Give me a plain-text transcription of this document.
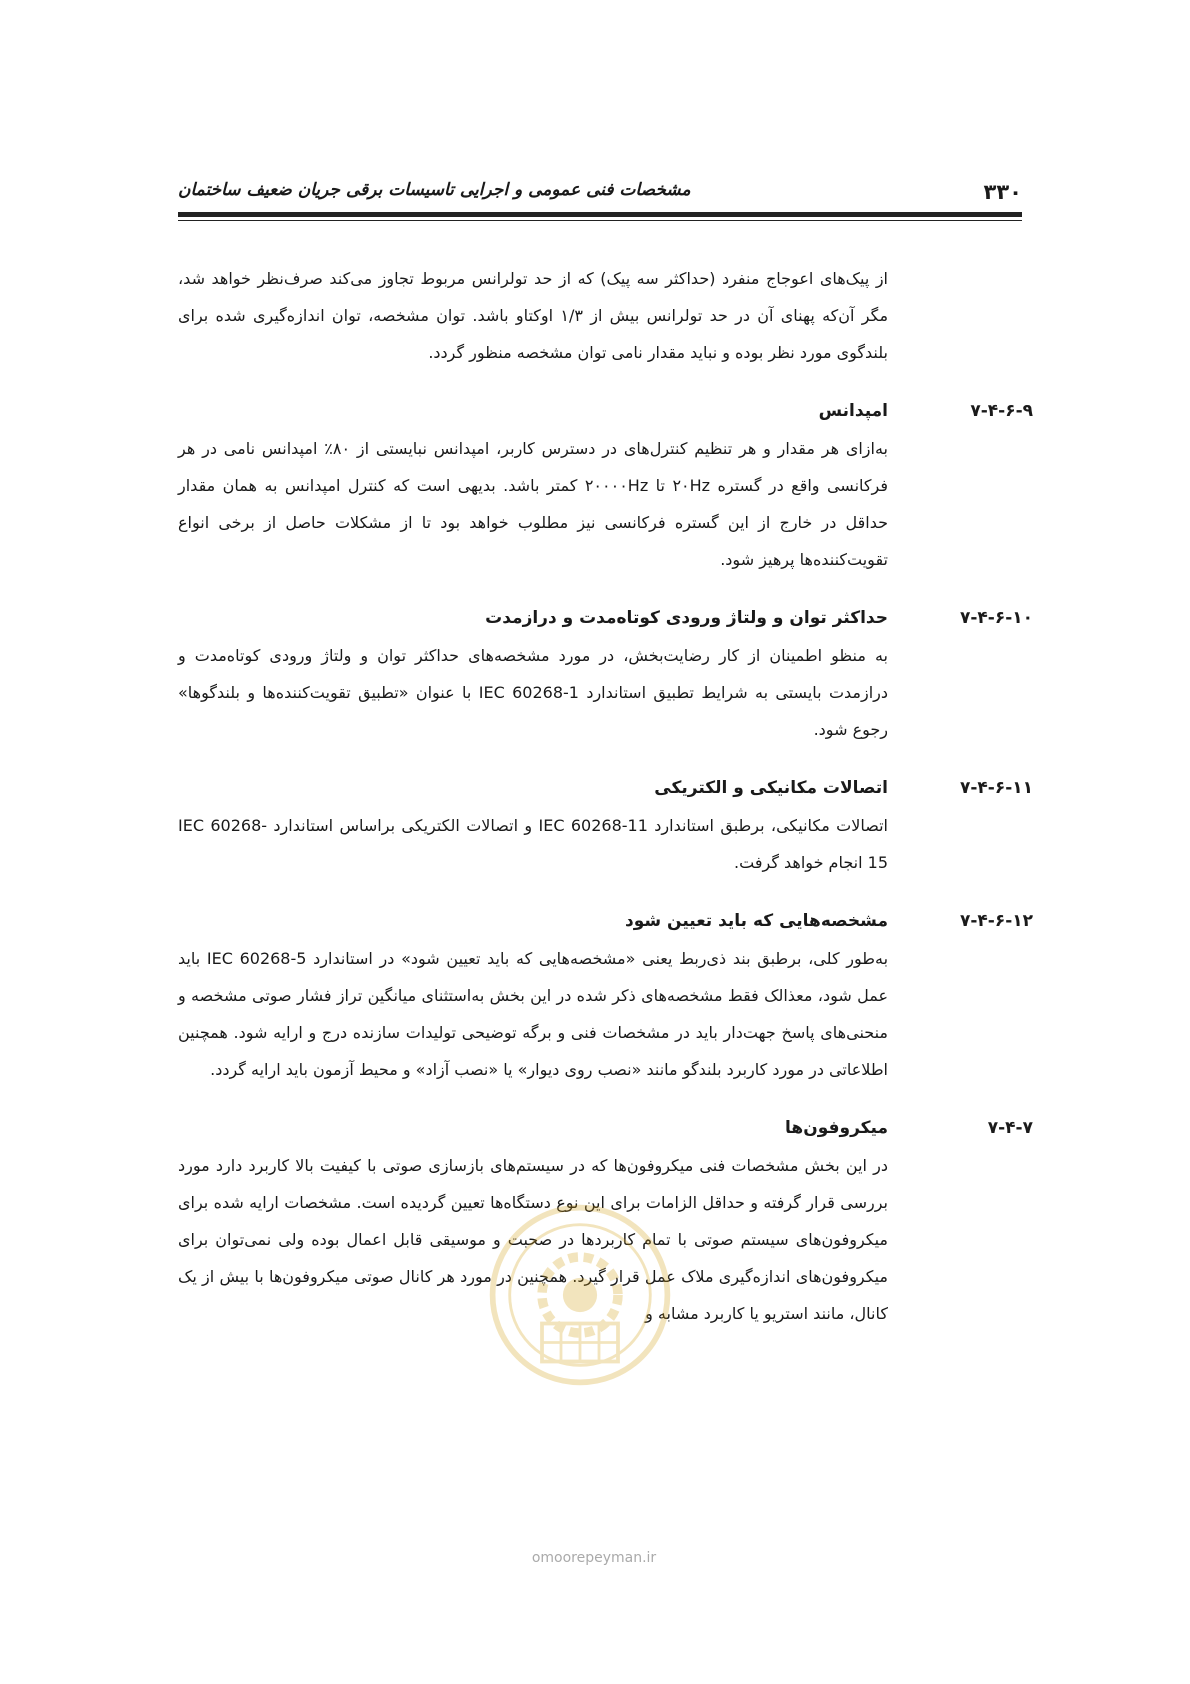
۳۳۰
مشخصات فنی عمومی و اجرایی تاسیسات برقی جریان ضعیف ساختمان

از پیک‌های اعوجاج منفرد (حداکثر سه پیک) که از حد تولرانس مربوط تجاوز می‌کند صرف‌نظر خواهد شد، مگر آن‌که پهنای آن در حد تولرانس بیش از ۱/۳ اوکتاو باشد. توان مشخصه، توان اندازه‌گیری شده برای بلندگوی مورد نظر بوده و نباید مقدار نامی توان مشخصه منظور گردد.

۷-۴-۶-۹
امپدانس

به‌ازای هر مقدار و هر تنظیم کنترل‌های در دسترس کاربر، امپدانس نبایستی از ۸۰٪ امپدانس نامی در هر فرکانسی واقع در گستره ۲۰Hz تا ۲۰۰۰۰Hz کمتر باشد. بدیهی است که کنترل امپدانس به همان مقدار حداقل در خارج از این گستره فرکانسی نیز مطلوب خواهد بود تا از مشکلات حاصل از برخی انواع تقویت‌کننده‌ها پرهیز شود.

۷-۴-۶-۱۰
حداکثر توان و ولتاژ ورودی کوتاه‌مدت و درازمدت

به منظو اطمینان از کار رضایت‌بخش، در مورد مشخصه‌های حداکثر توان و ولتاژ ورودی کوتاه‌مدت و درازمدت بایستی به شرایط تطبیق استاندارد IEC 60268-1 با عنوان «تطبیق تقویت‌کننده‌ها و بلندگوها» رجوع شود.

۷-۴-۶-۱۱
اتصالات مکانیکی و الکتریکی

اتصالات مکانیکی، برطبق استاندارد IEC 60268-11 و اتصالات الکتریکی براساس استاندارد IEC 60268-15 انجام خواهد گرفت.

۷-۴-۶-۱۲
مشخصه‌هایی که باید تعیین شود

به‌طور کلی، برطبق بند ذی‌ربط یعنی «مشخصه‌هایی که باید تعیین شود» در استاندارد IEC 60268-5 باید عمل شود، معذالک فقط مشخصه‌های ذکر شده در این بخش به‌استثنای میانگین تراز فشار صوتی مشخصه و منحنی‌های پاسخ جهت‌دار باید در مشخصات فنی و برگه توضیحی تولیدات سازنده درج و ارایه شود. همچنین اطلاعاتی در مورد کاربرد بلندگو مانند «نصب روی دیوار» یا «نصب آزاد» و محیط آزمون باید ارایه گردد.

۷-۴-۷
میکروفون‌ها

در این بخش مشخصات فنی میکروفون‌ها که در سیستم‌های بازسازی صوتی با کیفیت بالا کاربرد دارد مورد بررسی قرار گرفته و حداقل الزامات برای این نوع دستگاه‌ها تعیین گردیده است. مشخصات ارایه شده برای میکروفون‌های سیستم صوتی با تمام کاربردها در صحبت و موسیقی قابل اعمال بوده ولی نمی‌توان برای میکروفون‌های اندازه‌گیری ملاک عمل قرار گیرد. همچنین در مورد هر کانال صوتی میکروفون‌ها با بیش از یک کانال، مانند استریو یا کاربرد مشابه و

omoorepeyman.ir
